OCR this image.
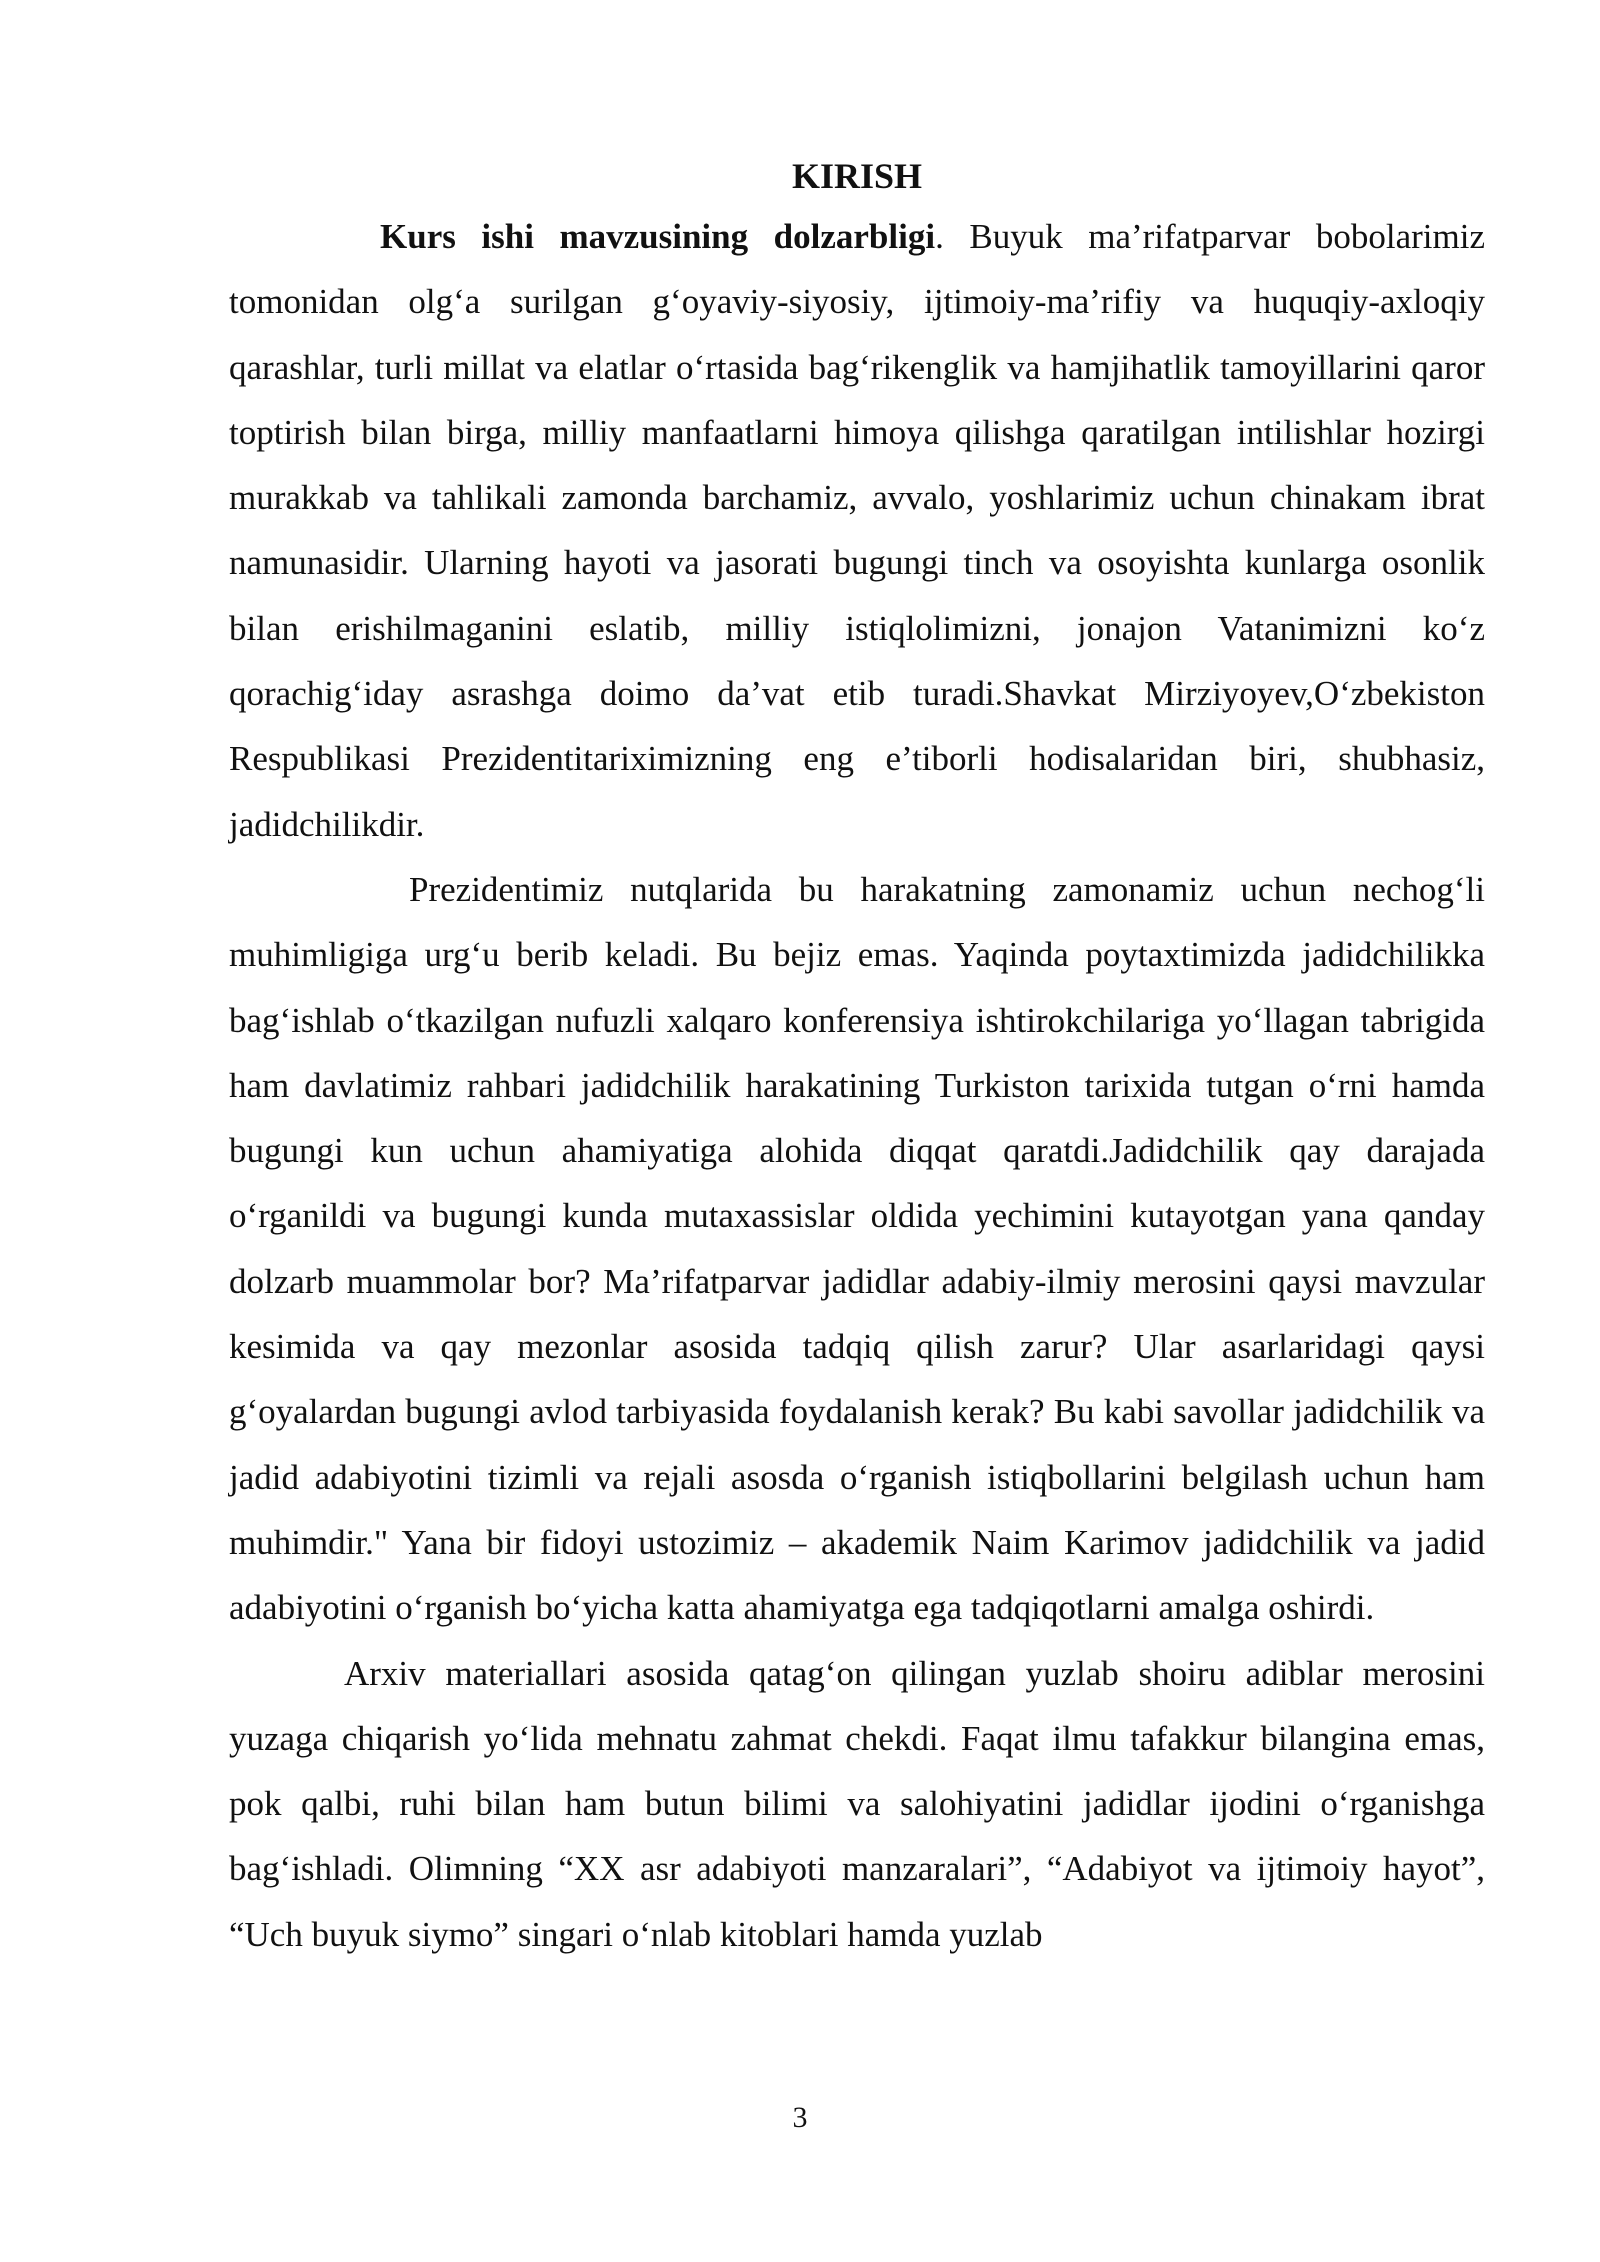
KIRISH

Kurs ishi mavzusining dolzarbligi. Buyuk ma’rifatparvar bobolarimiz tomonidan olg‘a surilgan g‘oyaviy-siyosiy, ijtimoiy-ma’rifiy va huquqiy-axloqiy qarashlar, turli millat va elatlar o‘rtasida bag‘rikenglik va hamjihatlik tamoyillarini qaror toptirish bilan birga, milliy manfaatlarni himoya qilishga qaratilgan intilishlar hozirgi murakkab va tahlikali zamonda barchamiz, avvalo, yoshlarimiz uchun chinakam ibrat namunasidir. Ularning hayoti va jasorati bugungi tinch va osoyishta kunlarga osonlik bilan erishilmaganini eslatib, milliy istiqlolimizni, jonajon Vatanimizni ko‘z qorachig‘iday asrashga doimo da’vat etib turadi.Shavkat Mirziyoyev,O‘zbekiston Respublikasi Prezidentitariximizning eng e’tiborli hodisalaridan biri, shubhasiz, jadidchilikdir.

Prezidentimiz nutqlarida bu harakatning zamonamiz uchun nechog‘li muhimligiga urg‘u berib keladi. Bu bejiz emas. Yaqinda poytaxtimizda jadidchilikka bag‘ishlab o‘tkazilgan nufuzli xalqaro konferensiya ishtirokchilariga yo‘llagan tabrigida ham davlatimiz rahbari jadidchilik harakatining Turkiston tarixida tutgan o‘rni hamda bugungi kun uchun ahamiyatiga alohida diqqat qaratdi.Jadidchilik qay darajada o‘rganildi va bugungi kunda mutaxassislar oldida yechimini kutayotgan yana qanday dolzarb muammolar bor? Ma’rifatparvar jadidlar adabiy-ilmiy merosini qaysi mavzular kesimida va qay mezonlar asosida tadqiq qilish zarur? Ular asarlaridagi qaysi g‘oyalardan bugungi avlod tarbiyasida foydalanish kerak? Bu kabi savollar jadidchilik va jadid adabiyotini tizimli va rejali asosda o‘rganish istiqbollarini belgilash uchun ham muhimdir." Yana bir fidoyi ustozimiz – akademik Naim Karimov jadidchilik va jadid adabiyotini o‘rganish bo‘yicha katta ahamiyatga ega tadqiqotlarni amalga oshirdi.

Arxiv materiallari asosida qatag‘on qilingan yuzlab shoiru adiblar merosini yuzaga chiqarish yo‘lida mehnatu zahmat chekdi. Faqat ilmu tafakkur bilangina emas, pok qalbi, ruhi bilan ham butun bilimi va salohiyatini jadidlar ijodini o‘rganishga bag‘ishladi. Olimning “XX asr adabiyoti manzaralari”, “Adabiyot va ijtimoiy hayot”, “Uch buyuk siymo” singari o‘nlab kitoblari hamda yuzlab

3
